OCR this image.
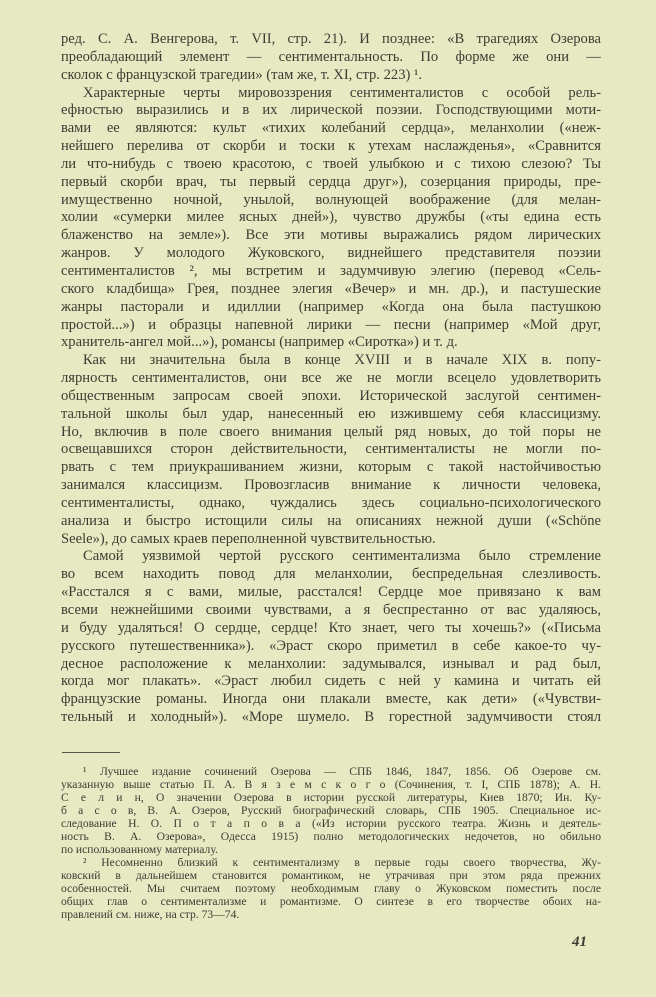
ред. С. А. Венгерова, т. VII, стр. 21). И позднее: «В трагедиях Озерова
преобладающий элемент — сентиментальность. По форме же они —
сколок с французской трагедии» (там же, т. XI, стр. 223) ¹.
Характерные черты мировоззрения сентименталистов с особой рель-
ефностью выразились и в их лирической поэзии. Господствующими моти-
вами ее являются: культ «тихих колебаний сердца», меланхолии («неж-
нейшего перелива от скорби и тоски к утехам наслажденья», «Сравнится
ли что-нибудь с твоею красотою, с твоей улыбкою и с тихою слезою? Ты
первый скорби врач, ты первый сердца друг»), созерцания природы, пре-
имущественно ночной, унылой, волнующей воображение (для мелан-
холии «сумерки милее ясных дней»), чувство дружбы («ты едина есть
блаженство на земле»). Все эти мотивы выражались рядом лирических
жанров. У молодого Жуковского, виднейшего представителя поэзии
сентименталистов ², мы встретим и задумчивую элегию (перевод «Сель-
ского кладбища» Грея, позднее элегия «Вечер» и мн. др.), и пастушеские
жанры пасторали и идиллии (например «Когда она была пастушкою
простой...») и образцы напевной лирики — песни (например «Мой друг,
хранитель-ангел мой...»), романсы (например «Сиротка») и т. д.
Как ни значительна была в конце XVIII и в начале XIX в. попу-
лярность сентименталистов, они все же не могли всецело удовлетворить
общественным запросам своей эпохи. Исторической заслугой сентимен-
тальной школы был удар, нанесенный ею изжившему себя классицизму.
Но, включив в поле своего внимания целый ряд новых, до той поры не
освещавшихся сторон действительности, сентименталисты не могли по-
рвать с тем приукрашиванием жизни, которым с такой настойчивостью
занимался классицизм. Провозгласив внимание к личности человека,
сентименталисты, однако, чуждались здесь социально-психологического
анализа и быстро истощили силы на описаниях нежной души («Schöne
Seele»), до самых краев переполненной чувствительностью.
Самой уязвимой чертой русского сентиментализма было стремление
во всем находить повод для меланхолии, беспредельная слезливость.
«Расстался я с вами, милые, расстался! Сердце мое привязано к вам
всеми нежнейшими своими чувствами, а я беспрестанно от вас удаляюсь,
и буду удаляться! О сердце, сердце! Кто знает, чего ты хочешь?» («Письма
русского путешественника»). «Эраст скоро приметил в себе какое-то чу-
десное расположение к меланхолии: задумывался, изнывал и рад был,
когда мог плакать». «Эраст любил сидеть с ней у камина и читать ей
французские романы. Иногда они плакали вместе, как дети» («Чувстви-
тельный и холодный»). «Море шумело. В горестной задумчивости стоял
¹ Лучшее издание сочинений Озерова — СПБ 1846, 1847, 1856. Об Озерове см.
указанную выше статью П. А. В я з е м с к о г о (Сочинения, т. I, СПБ 1878); А. Н.
С е л и н, О значении Озерова в истории русской литературы, Киев 1870; Ин. Ку-
б а с о в, В. А. Озеров, Русский биографический словарь, СПБ 1905. Специальное ис-
следование Н. О. П о т а п о в а («Из истории русского театра. Жизнь и деятель-
ность В. А. Озерова», Одесса 1915) полно методологических недочетов, но обильно
по использованному материалу.
² Несомненно близкий к сентиментализму в первые годы своего творчества, Жу-
ковский в дальнейшем становится романтиком, не утрачивая при этом ряда прежних
особенностей. Мы считаем поэтому необходимым главу о Жуковском поместить после
общих глав о сентиментализме и романтизме. О синтезе в его творчестве обоих на-
правлений см. ниже, на стр. 73—74.
41
